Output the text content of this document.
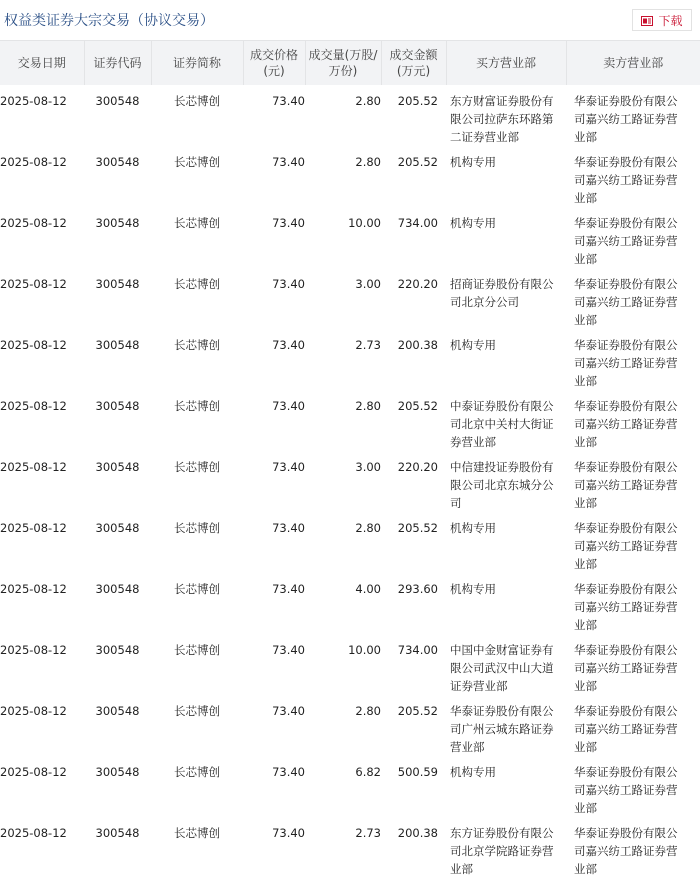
权益类证券大宗交易（协议交易）	下载
交易日期	证券代码	证券简称	成交价格(元)	成交量(万股/万份)	成交金额(万元)	买方营业部	卖方营业部
2025-08-12	300548	长芯博创	73.40	2.80	205.52	东方财富证券股份有限公司拉萨东环路第二证券营业部	华泰证券股份有限公司嘉兴纺工路证券营业部
2025-08-12	300548	长芯博创	73.40	2.80	205.52	机构专用	华泰证券股份有限公司嘉兴纺工路证券营业部
2025-08-12	300548	长芯博创	73.40	10.00	734.00	机构专用	华泰证券股份有限公司嘉兴纺工路证券营业部
2025-08-12	300548	长芯博创	73.40	3.00	220.20	招商证券股份有限公司北京分公司	华泰证券股份有限公司嘉兴纺工路证券营业部
2025-08-12	300548	长芯博创	73.40	2.73	200.38	机构专用	华泰证券股份有限公司嘉兴纺工路证券营业部
2025-08-12	300548	长芯博创	73.40	2.80	205.52	中泰证券股份有限公司北京中关村大街证券营业部	华泰证券股份有限公司嘉兴纺工路证券营业部
2025-08-12	300548	长芯博创	73.40	3.00	220.20	中信建投证券股份有限公司北京东城分公司	华泰证券股份有限公司嘉兴纺工路证券营业部
2025-08-12	300548	长芯博创	73.40	2.80	205.52	机构专用	华泰证券股份有限公司嘉兴纺工路证券营业部
2025-08-12	300548	长芯博创	73.40	4.00	293.60	机构专用	华泰证券股份有限公司嘉兴纺工路证券营业部
2025-08-12	300548	长芯博创	73.40	10.00	734.00	中国中金财富证券有限公司武汉中山大道证券营业部	华泰证券股份有限公司嘉兴纺工路证券营业部
2025-08-12	300548	长芯博创	73.40	2.80	205.52	华泰证券股份有限公司广州云城东路证券营业部	华泰证券股份有限公司嘉兴纺工路证券营业部
2025-08-12	300548	长芯博创	73.40	6.82	500.59	机构专用	华泰证券股份有限公司嘉兴纺工路证券营业部
2025-08-12	300548	长芯博创	73.40	2.73	200.38	东方证券股份有限公司北京学院路证券营业部	华泰证券股份有限公司嘉兴纺工路证券营业部
